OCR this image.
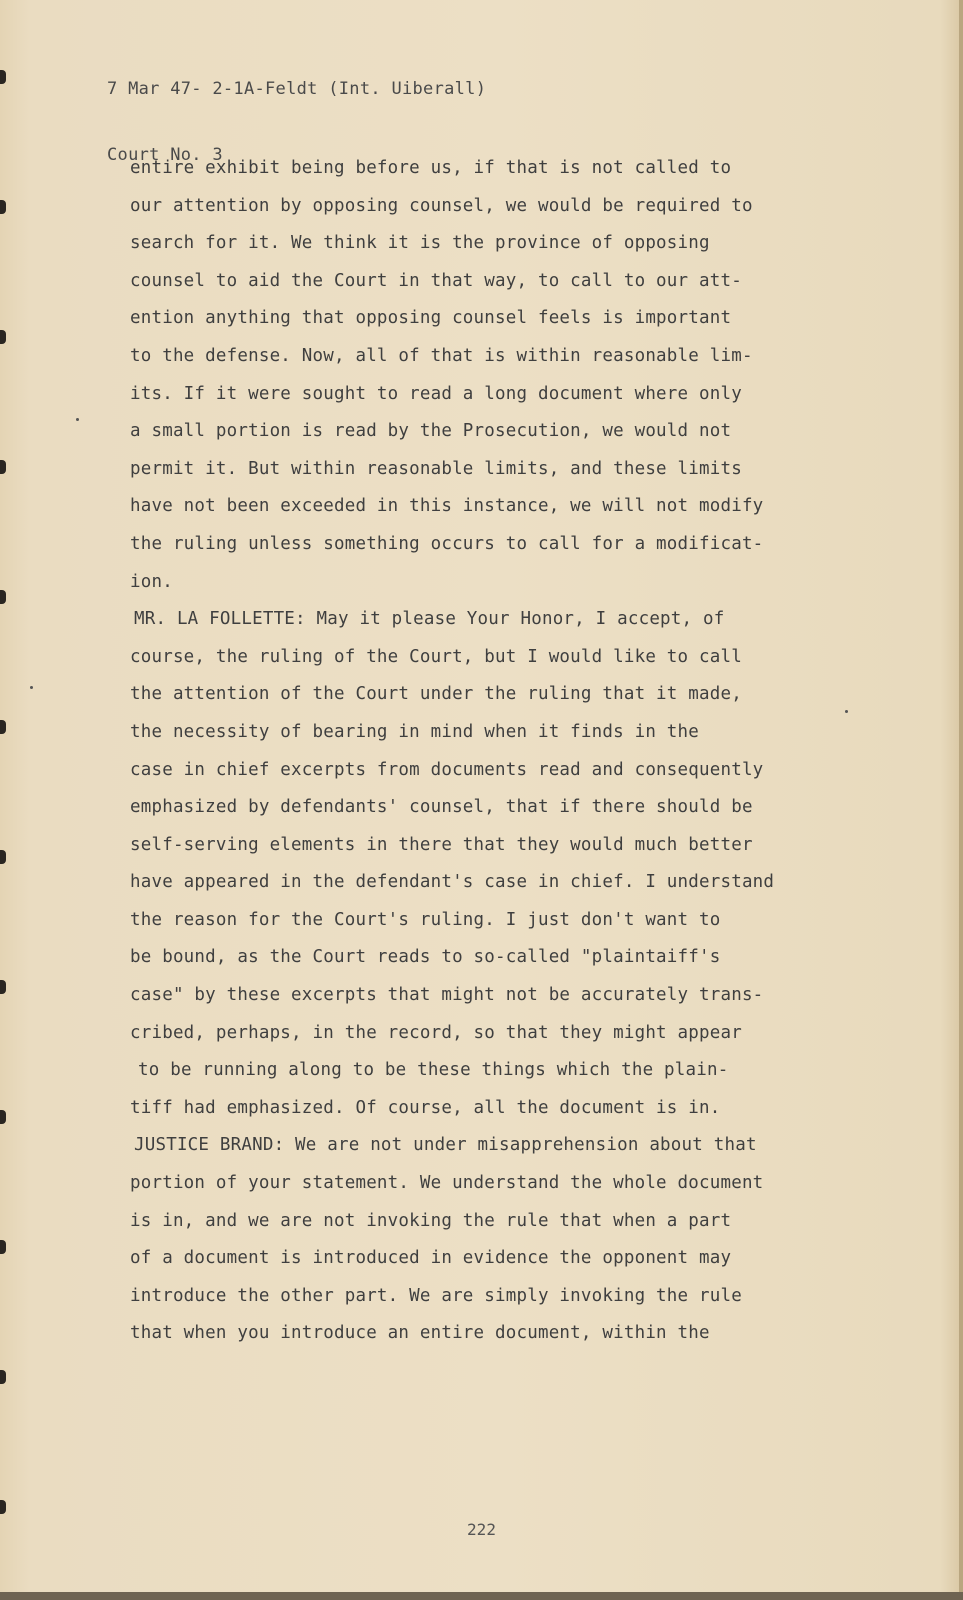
7 Mar 47- 2-1A-Feldt (Int. Uiberall)

Court No. 3

entire exhibit being before us, if that is not called to
our attention by opposing counsel, we would be required to
search for it. We think it is the province of opposing
counsel to aid the Court in that way, to call to our att-
ention anything that opposing counsel feels is important
to the defense. Now, all of that is within reasonable lim-
its. If it were sought to read a long document where only
a small portion is read by the Prosecution, we would not
permit it. But within reasonable limits, and these limits
have not been exceeded in this instance, we will not modify
the ruling unless something occurs to call for a modificat-
ion.
MR. LA FOLLETTE: May it please Your Honor, I accept, of
course, the ruling of the Court, but I would like to call
the attention of the Court under the ruling that it made,
the necessity of bearing in mind when it finds in the
case in chief excerpts from documents read and consequently
emphasized by defendants' counsel, that if there should be
self-serving elements in there that they would much better
have appeared in the defendant's case in chief. I understand
the reason for the Court's ruling. I just don't want to
be bound, as the Court reads to so-called "plaintaiff's
case" by these excerpts that might not be accurately trans-
cribed, perhaps, in the record, so that they might appear
to be running along to be these things which the plain-
tiff had emphasized. Of course, all the document is in.
JUSTICE BRAND: We are not under misapprehension about that
portion of your statement. We understand the whole document
is in, and we are not invoking the rule that when a part
of a document is introduced in evidence the opponent may
introduce the other part. We are simply invoking the rule
that when you introduce an entire document, within the
222
